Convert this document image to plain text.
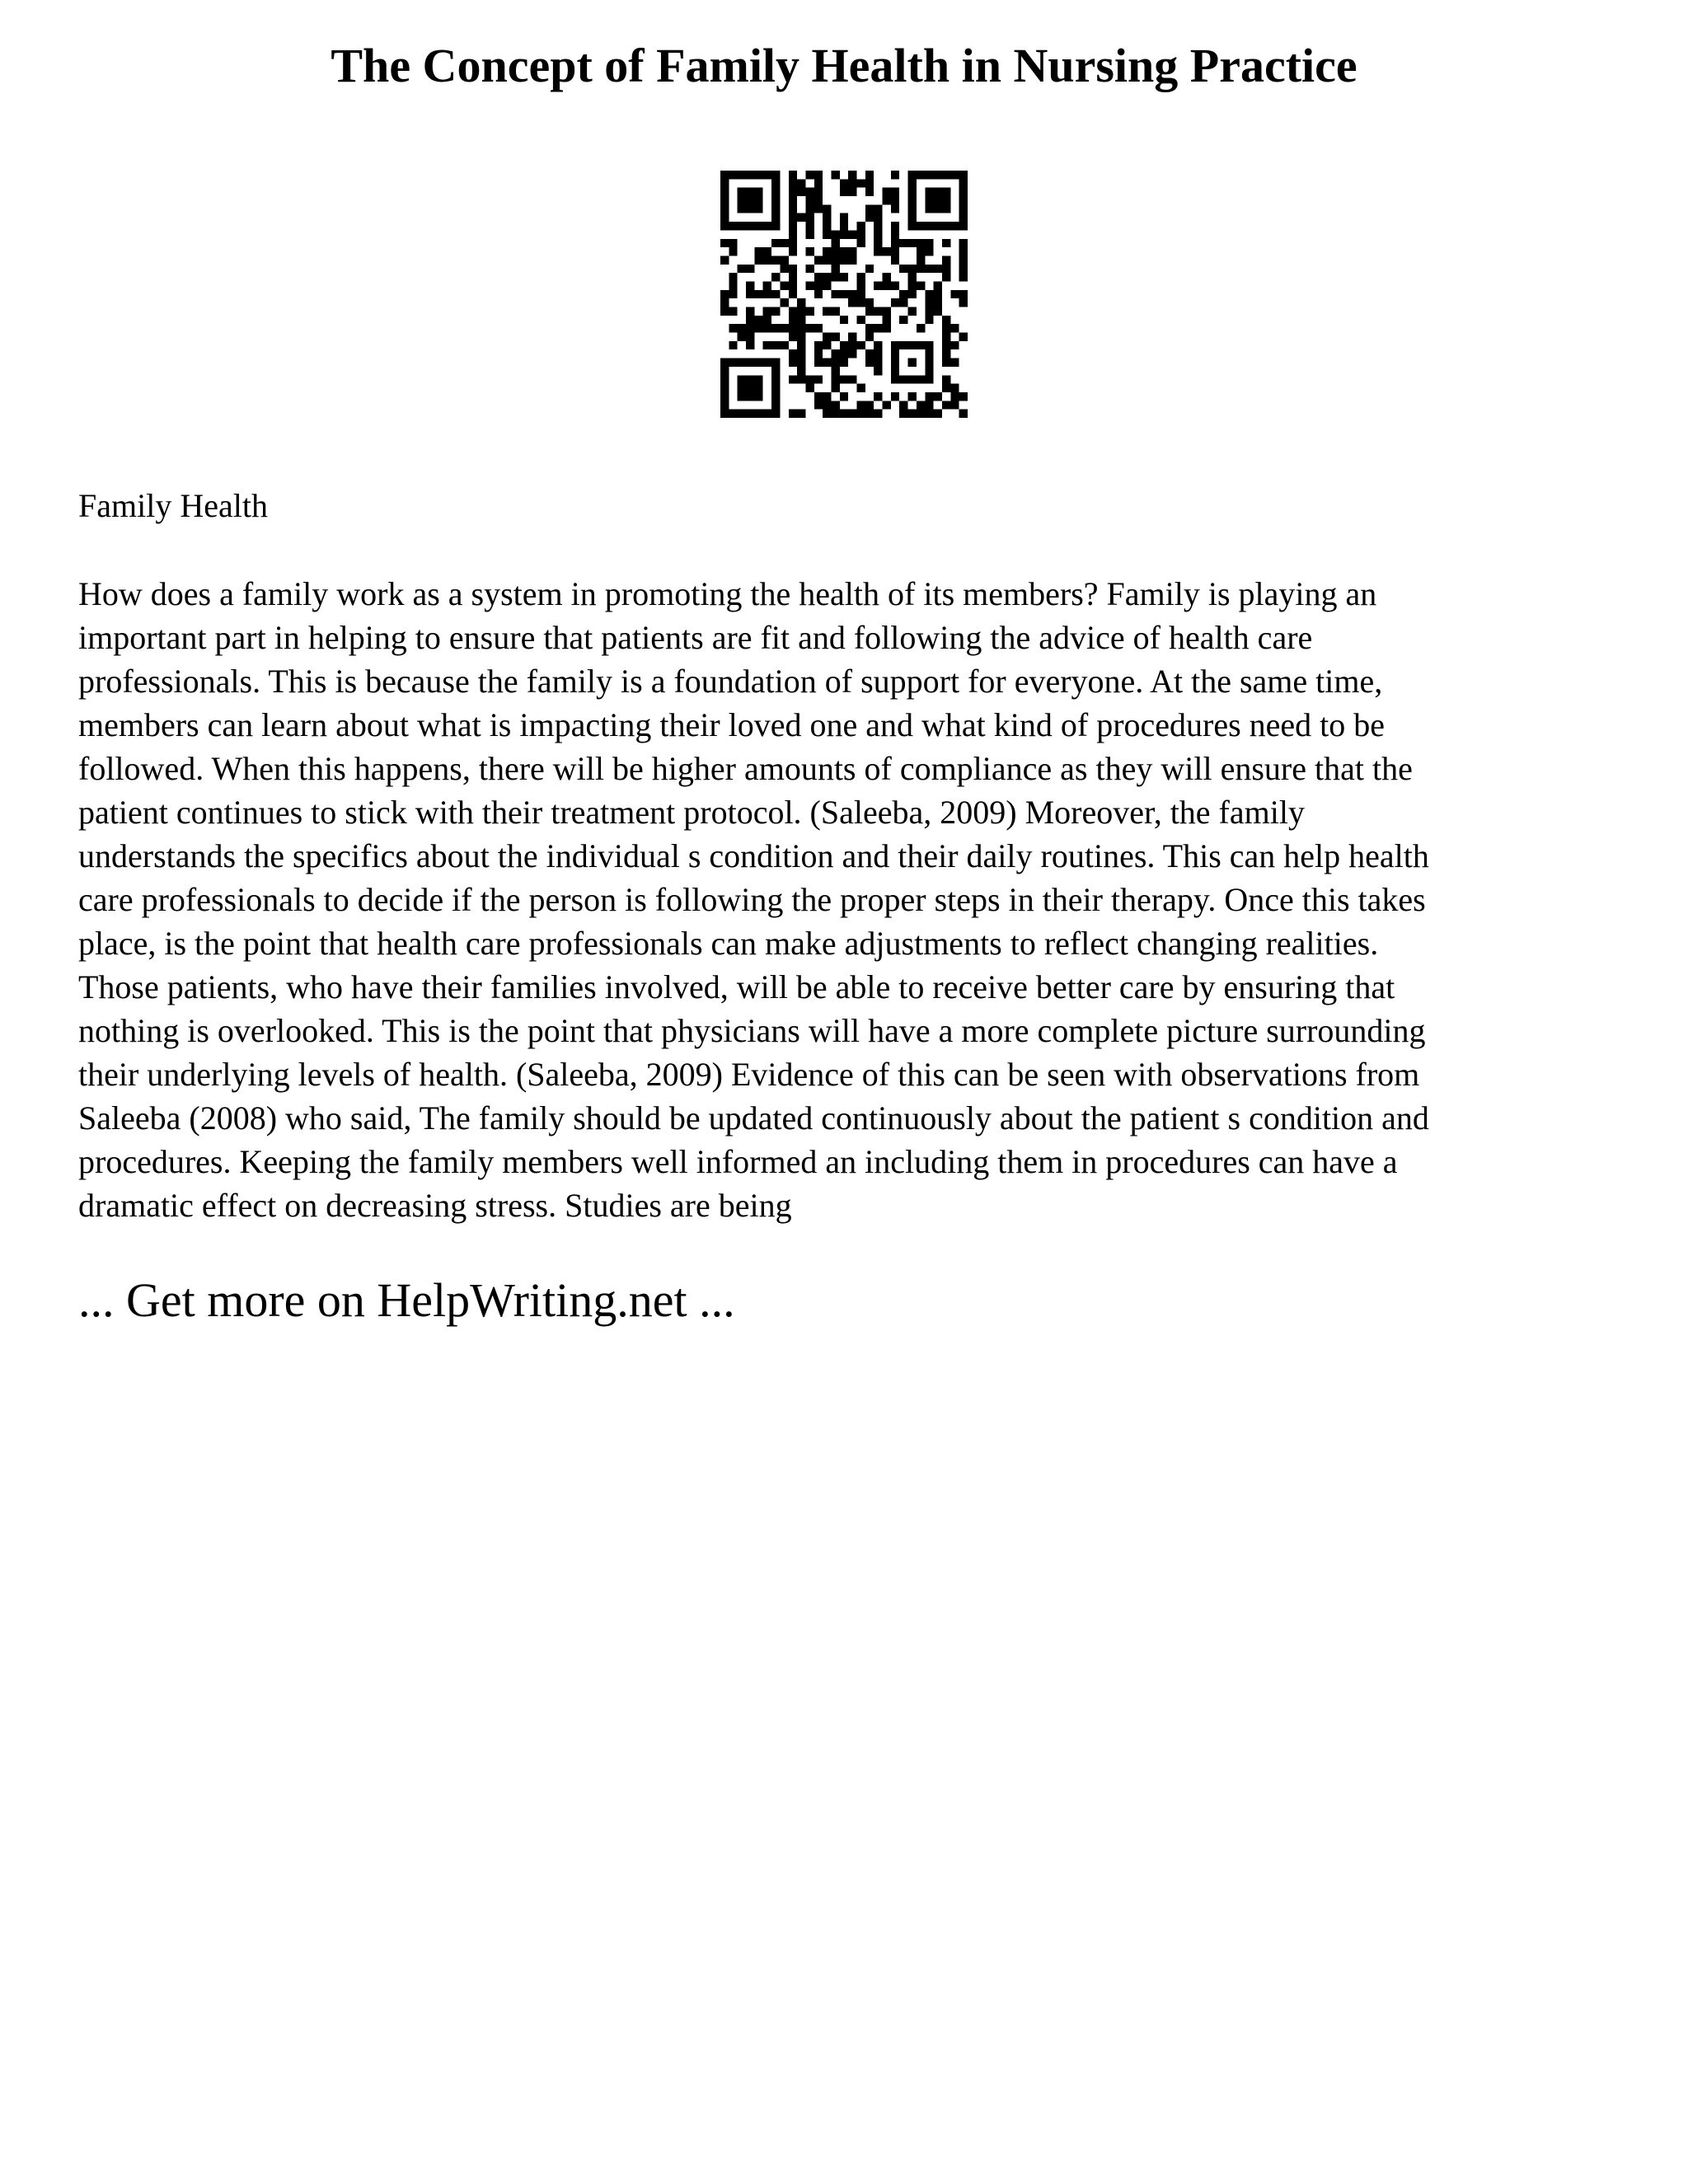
The Concept of Family Health in Nursing Practice
Family Health

How does a family work as a system in promoting the health of its members? Family is playing an
important part in helping to ensure that patients are fit and following the advice of health care
professionals. This is because the family is a foundation of support for everyone. At the same time,
members can learn about what is impacting their loved one and what kind of procedures need to be
followed. When this happens, there will be higher amounts of compliance as they will ensure that the
patient continues to stick with their treatment protocol. (Saleeba, 2009) Moreover, the family
understands the specifics about the individual s condition and their daily routines. This can help health
care professionals to decide if the person is following the proper steps in their therapy. Once this takes
place, is the point that health care professionals can make adjustments to reflect changing realities.
Those patients, who have their families involved, will be able to receive better care by ensuring that
nothing is overlooked. This is the point that physicians will have a more complete picture surrounding
their underlying levels of health. (Saleeba, 2009) Evidence of this can be seen with observations from
Saleeba (2008) who said, The family should be updated continuously about the patient s condition and
procedures. Keeping the family members well informed an including them in procedures can have a
dramatic effect on decreasing stress. Studies are being

... Get more on HelpWriting.net ...
